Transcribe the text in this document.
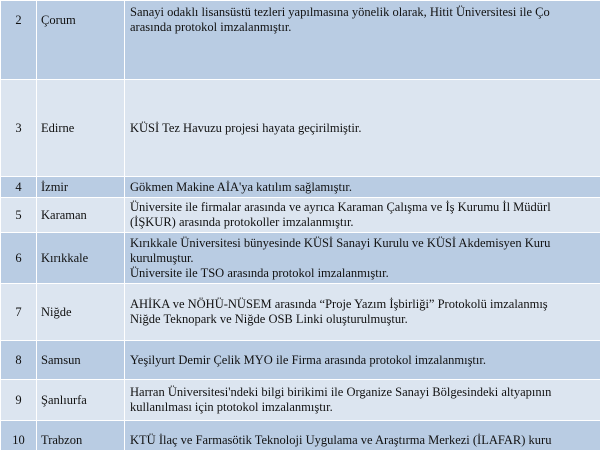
2	Çorum	Sanayi odaklı lisansüstü tezleri yapılmasına yönelik olarak, Hitit Üniversitesi ile Ço
arasında protokol imzalanmıştır.

3	Edirne	KÜSİ Tez Havuzu projesi hayata geçirilmiştir.

4	İzmir	Gökmen Makine AİA'ya katılım sağlamıştır.

5	Karaman	Üniversite ile firmalar arasında ve ayrıca Karaman Çalışma ve İş Kurumu İl Müdürl
(İŞKUR) arasında protokoller imzalanmıştır.

6	Kırıkkale	Kırıkkale Üniversitesi bünyesinde KÜSİ Sanayi Kurulu ve KÜSİ Akdemisyen Kuru
kurulmuştur.
Üniversite ile TSO arasında protokol imzalanmıştır.

7	Niğde	AHİKA ve NÖHÜ-NÜSEM arasında “Proje Yazım İşbirliği” Protokolü imzalanmış
Niğde Teknopark ve Niğde OSB Linki oluşturulmuştur.

8	Samsun	Yeşilyurt Demir Çelik MYO ile Firma arasında protokol imzalanmıştır.

9	Şanlıurfa	Harran Üniversitesi'ndeki bilgi birikimi ile Organize Sanayi Bölgesindeki altyapının
kullanılması için ptotokol imzalanmıştır.

10	Trabzon	KTÜ İlaç ve Farmasötik Teknoloji Uygulama ve Araştırma Merkezi (İLAFAR) kuru
